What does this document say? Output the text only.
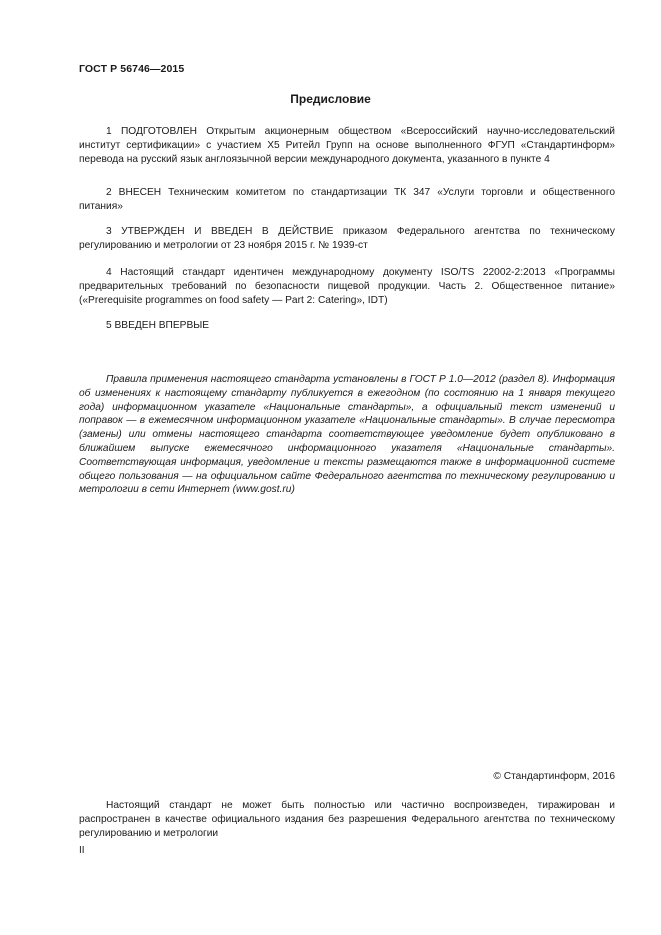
ГОСТ Р 56746—2015
Предисловие

1 ПОДГОТОВЛЕН Открытым акционерным обществом «Всероссийский научно-исследовательский институт сертификации» с участием X5 Ритейл Групп на основе выполненного ФГУП «Стандартинформ» перевода на русский язык англоязычной версии международного документа, указанного в пункте 4

2 ВНЕСЕН Техническим комитетом по стандартизации ТК 347 «Услуги торговли и общественного питания»

3 УТВЕРЖДЕН И ВВЕДЕН В ДЕЙСТВИЕ приказом Федерального агентства по техническому регулированию и метрологии от 23 ноября 2015 г. № 1939-ст

4 Настоящий стандарт идентичен международному документу ISO/TS 22002-2:2013 «Программы предварительных требований по безопасности пищевой продукции. Часть 2. Общественное питание» («Prerequisite programmes on food safety — Part 2: Catering», IDT)

5 ВВЕДЕН ВПЕРВЫЕ

Правила применения настоящего стандарта установлены в ГОСТ Р 1.0—2012 (раздел 8). Информация об изменениях к настоящему стандарту публикуется в ежегодном (по состоянию на 1 января текущего года) информационном указателе «Национальные стандарты», а официальный текст изменений и поправок — в ежемесячном информационном указателе «Национальные стандарты». В случае пересмотра (замены) или отмены настоящего стандарта соответствующее уведомление будет опубликовано в ближайшем выпуске ежемесячного информационного указателя «Национальные стандарты». Соответствующая информация, уведомление и тексты размещаются также в информационной системе общего пользования — на официальном сайте Федерального агентства по техническому регулированию и метрологии в сети Интернет (www.gost.ru)

© Стандартинформ, 2016

Настоящий стандарт не может быть полностью или частично воспроизведен, тиражирован и распространен в качестве официального издания без разрешения Федерального агентства по техническому регулированию и метрологии

II
